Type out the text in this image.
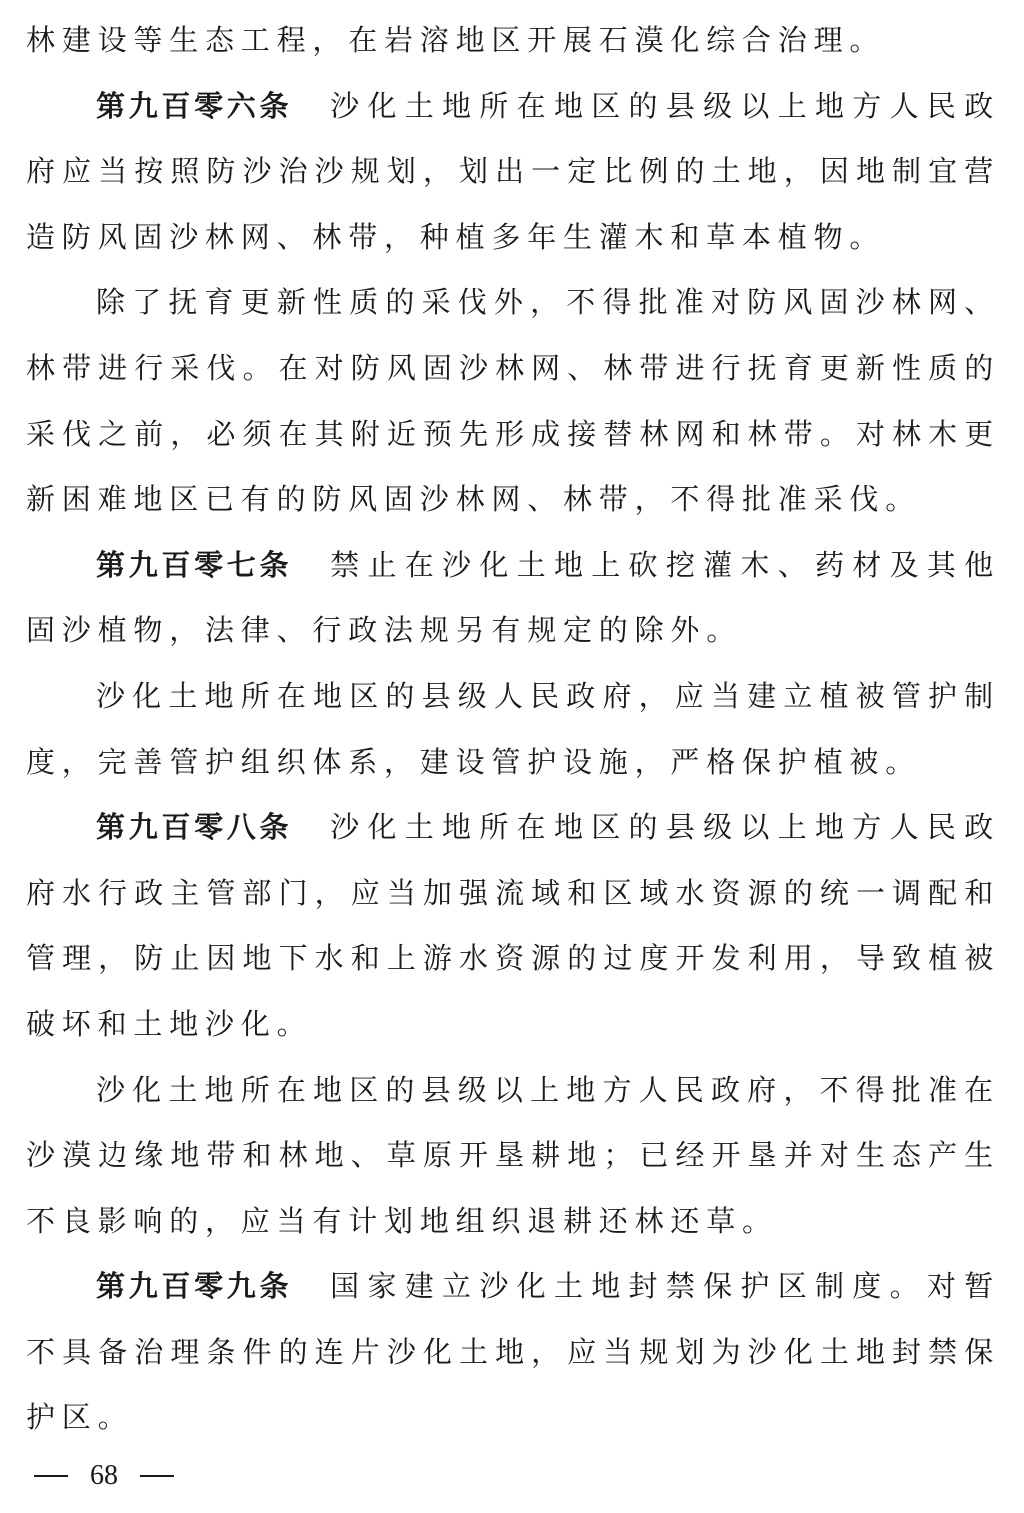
林建设等生态工程，在岩溶地区开展石漠化综合治理。

第九百零六条 沙化土地所在地区的县级以上地方人民政府应当按照防沙治沙规划，划出一定比例的土地，因地制宜营造防风固沙林网、林带，种植多年生灌木和草本植物。

除了抚育更新性质的采伐外，不得批准对防风固沙林网、林带进行采伐。在对防风固沙林网、林带进行抚育更新性质的采伐之前，必须在其附近预先形成接替林网和林带。对林木更新困难地区已有的防风固沙林网、林带，不得批准采伐。

第九百零七条 禁止在沙化土地上砍挖灌木、药材及其他固沙植物，法律、行政法规另有规定的除外。

沙化土地所在地区的县级人民政府，应当建立植被管护制度，完善管护组织体系，建设管护设施，严格保护植被。

第九百零八条 沙化土地所在地区的县级以上地方人民政府水行政主管部门，应当加强流域和区域水资源的统一调配和管理，防止因地下水和上游水资源的过度开发利用，导致植被破坏和土地沙化。

沙化土地所在地区的县级以上地方人民政府，不得批准在沙漠边缘地带和林地、草原开垦耕地；已经开垦并对生态产生不良影响的，应当有计划地组织退耕还林还草。

第九百零九条 国家建立沙化土地封禁保护区制度。对暂不具备治理条件的连片沙化土地，应当规划为沙化土地封禁保护区。

68
